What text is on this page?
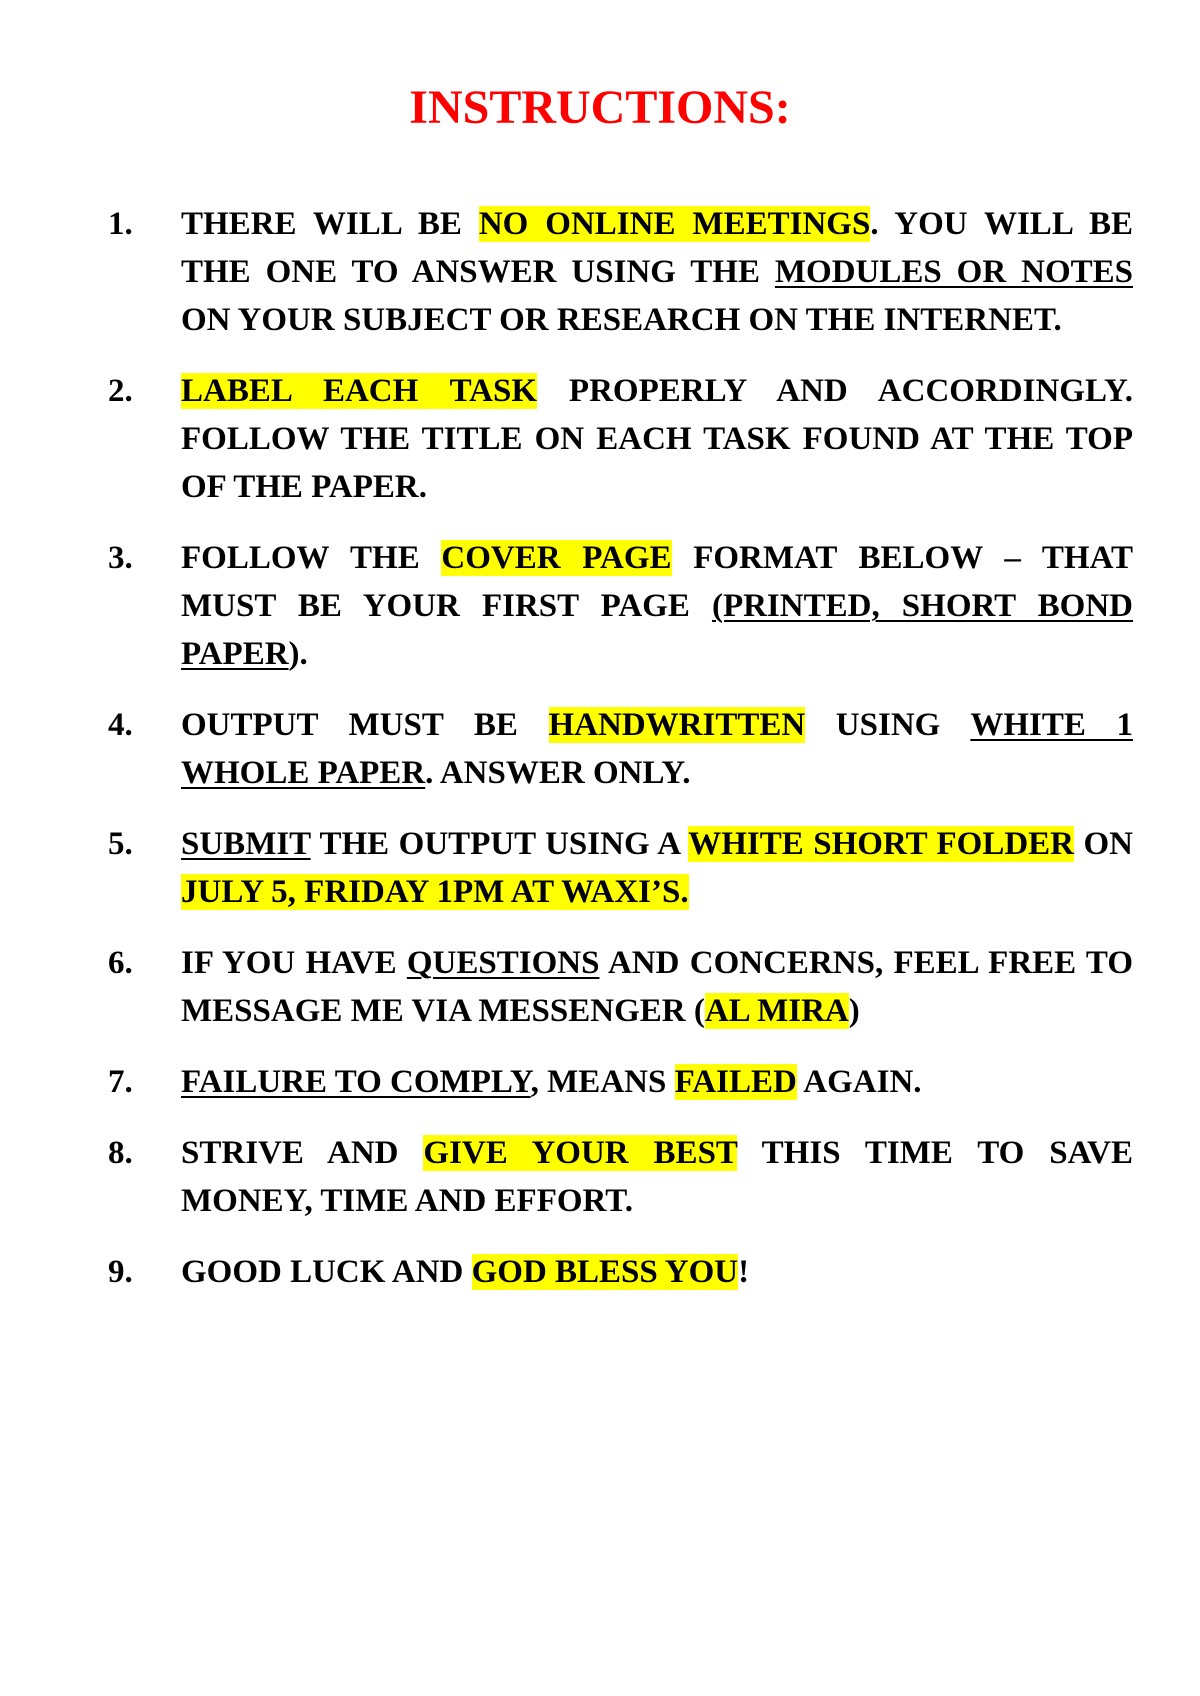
INSTRUCTIONS:
1. THERE WILL BE NO ONLINE MEETINGS. YOU WILL BE THE ONE TO ANSWER USING THE MODULES OR NOTES ON YOUR SUBJECT OR RESEARCH ON THE INTERNET.
2. LABEL EACH TASK PROPERLY AND ACCORDINGLY. FOLLOW THE TITLE ON EACH TASK FOUND AT THE TOP OF THE PAPER.
3. FOLLOW THE COVER PAGE FORMAT BELOW – THAT MUST BE YOUR FIRST PAGE (PRINTED, SHORT BOND PAPER).
4. OUTPUT MUST BE HANDWRITTEN USING WHITE 1 WHOLE PAPER. ANSWER ONLY.
5. SUBMIT THE OUTPUT USING A WHITE SHORT FOLDER ON JULY 5, FRIDAY 1PM AT WAXI’S.
6. IF YOU HAVE QUESTIONS AND CONCERNS, FEEL FREE TO MESSAGE ME VIA MESSENGER (AL MIRA)
7. FAILURE TO COMPLY, MEANS FAILED AGAIN.
8. STRIVE AND GIVE YOUR BEST THIS TIME TO SAVE MONEY, TIME AND EFFORT.
9. GOOD LUCK AND GOD BLESS YOU!
